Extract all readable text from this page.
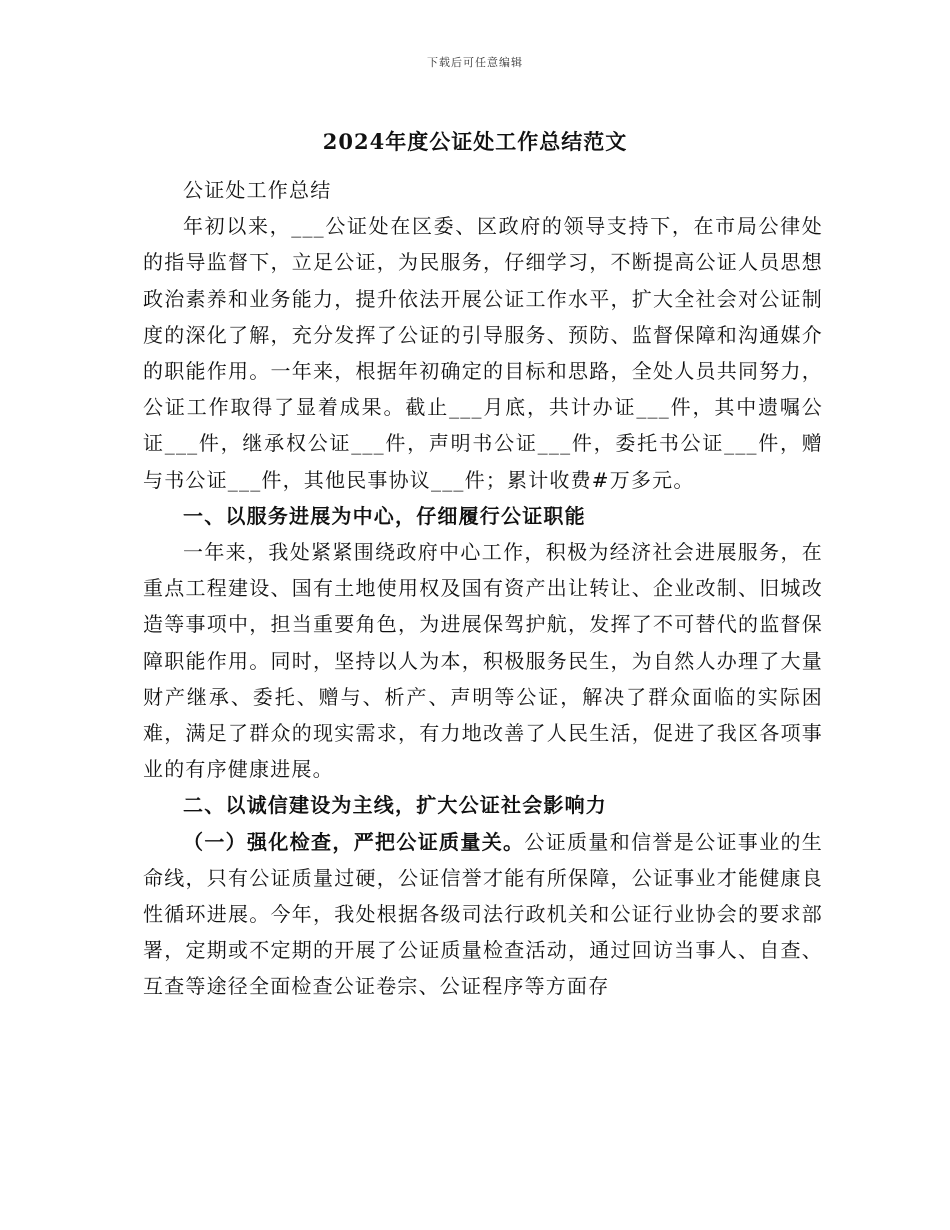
下载后可任意编辑
2024年度公证处工作总结范文

公证处工作总结

年初以来，___公证处在区委、区政府的领导支持下，在市局公律处的指导监督下，立足公证，为民服务，仔细学习，不断提高公证人员思想政治素养和业务能力，提升依法开展公证工作水平，扩大全社会对公证制度的深化了解，充分发挥了公证的引导服务、预防、监督保障和沟通媒介的职能作用。一年来，根据年初确定的目标和思路，全处人员共同努力，公证工作取得了显着成果。截止___月底，共计办证___件，其中遗嘱公证___件，继承权公证___件，声明书公证___件，委托书公证___件，赠与书公证___件，其他民事协议___件；累计收费#万多元。

一、以服务进展为中心，仔细履行公证职能

一年来，我处紧紧围绕政府中心工作，积极为经济社会进展服务，在重点工程建设、国有土地使用权及国有资产出让转让、企业改制、旧城改造等事项中，担当重要角色，为进展保驾护航，发挥了不可替代的监督保障职能作用。同时，坚持以人为本，积极服务民生，为自然人办理了大量财产继承、委托、赠与、析产、声明等公证，解决了群众面临的实际困难，满足了群众的现实需求，有力地改善了人民生活，促进了我区各项事业的有序健康进展。

二、以诚信建设为主线，扩大公证社会影响力

（一）强化检查，严把公证质量关。公证质量和信誉是公证事业的生命线，只有公证质量过硬，公证信誉才能有所保障，公证事业才能健康良性循环进展。今年，我处根据各级司法行政机关和公证行业协会的要求部署，定期或不定期的开展了公证质量检查活动，通过回访当事人、自查、互查等途径全面检查公证卷宗、公证程序等方面存
